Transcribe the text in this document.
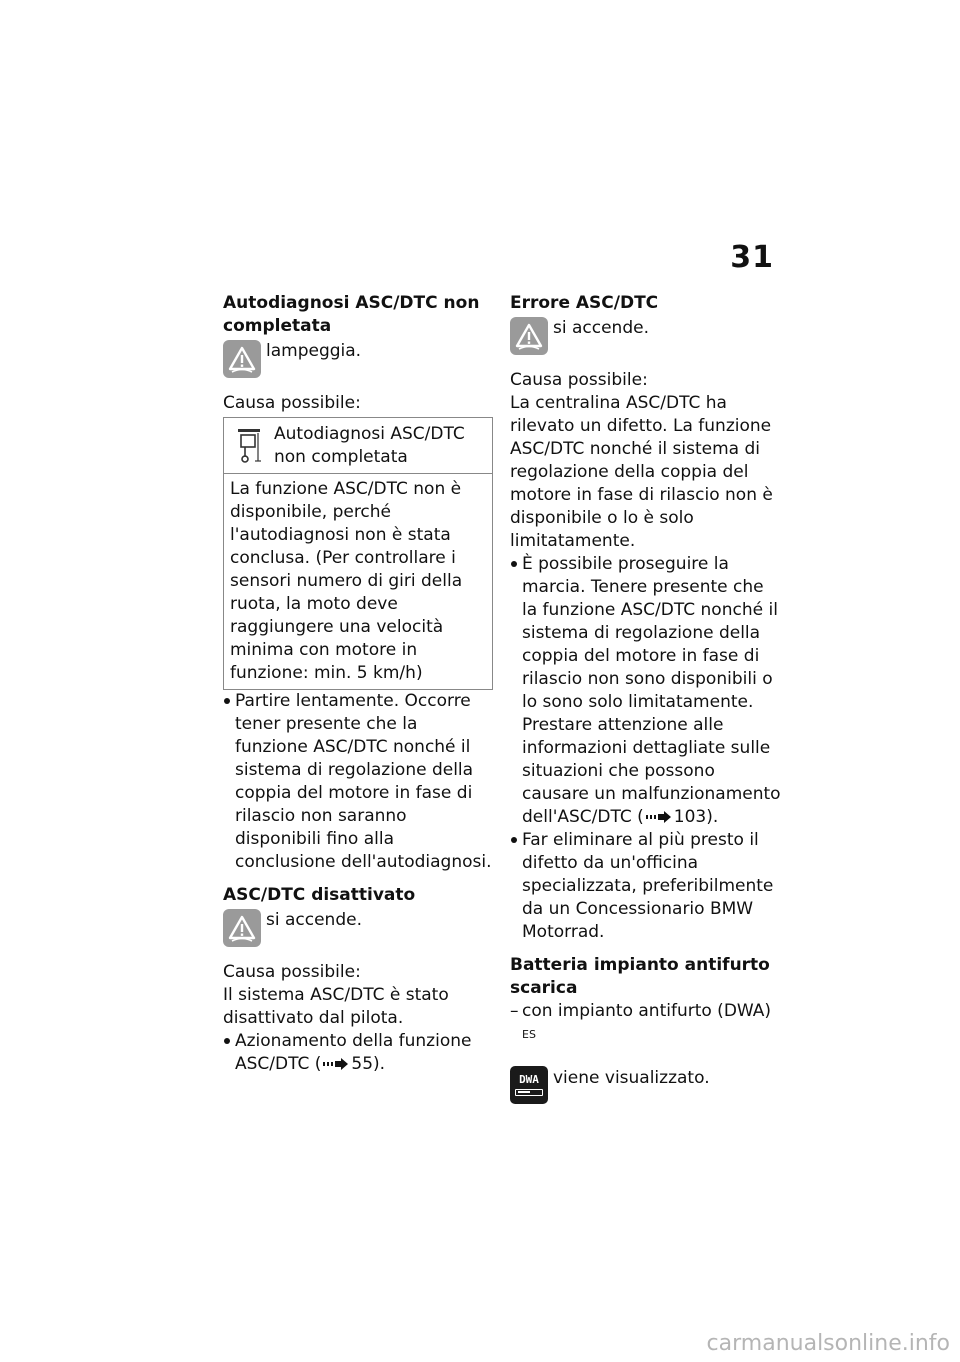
31
Autodiagnosi ASC/DTC non completata
lampeggia.
Causa possibile:
Autodiagnosi ASC/DTC non completata
La funzione ASC/DTC non è disponibile, perché l'autodiagnosi non è stata conclusa. (Per controllare i sensori numero di giri della ruota, la moto deve raggiungere una velocità minima con motore in funzione: min. 5 km/h)
Partire lentamente. Occorre tener presente che la funzione ASC/DTC nonché il sistema di regolazione della coppia del motore in fase di rilascio non saranno disponibili fino alla conclusione dell'autodiagnosi.
ASC/DTC disattivato
si accende.
Causa possibile:
Il sistema ASC/DTC è stato disattivato dal pilota.
Azionamento della funzione ASC/DTC ( 55).
Errore ASC/DTC
si accende.
Causa possibile:
La centralina ASC/DTC ha rilevato un difetto. La funzione ASC/DTC nonché il sistema di regolazione della coppia del motore in fase di rilascio non è disponibile o lo è solo limitatamente.
È possibile proseguire la marcia. Tenere presente che la funzione ASC/DTC nonché il sistema di regolazione della coppia del motore in fase di rilascio non sono disponibili o lo sono solo limitatamente. Prestare attenzione alle informazioni dettagliate sulle situazioni che possono causare un malfunzionamento dell'ASC/DTC ( 103).
Far eliminare al più presto il difetto da un'officina specializzata, preferibilmente da un Concessionario BMW Motorrad.
Batteria impianto antifurto scarica
– con impianto antifurto (DWA) $^{ES}$
DWA viene visualizzato.
carmanualsonline.info
